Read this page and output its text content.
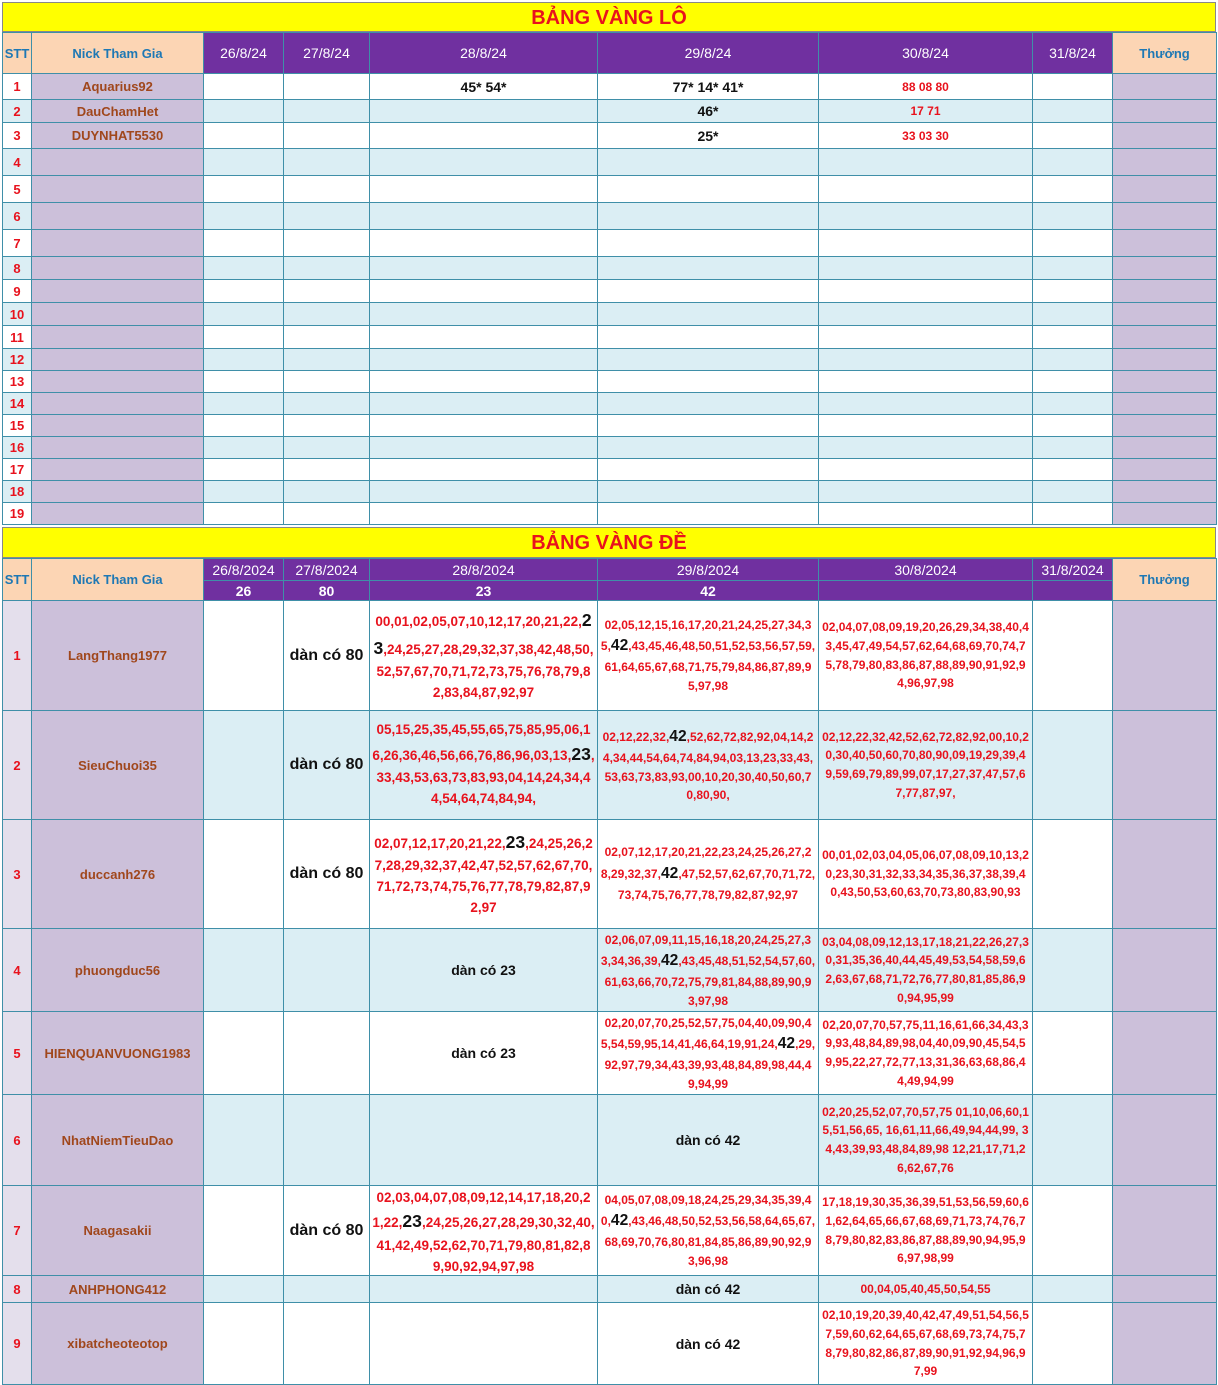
BẢNG VÀNG LÔ
STT	Nick Tham Gia	26/8/24	27/8/24	28/8/24	29/8/24	30/8/24	31/8/24	Thưởng
1	Aquarius92			45* 54*	77* 14* 41*	88 08 80		
2	DauChamHet				46*	17 71		
3	DUYNHAT5530				25*	33 03 30		
4								
5								
6								
7								
8								
9								
10								
11								
12								
13								
14								
15								
16								
17								
18								
19								
BẢNG VÀNG ĐỀ
STT	Nick Tham Gia	26/8/2024	27/8/2024	28/8/2024	29/8/2024	30/8/2024	31/8/2024	Thưởng
		26	80	23	42			
1	LangThang1977		dàn có 80	00,01,02,05,07,10,12,17,20,21,22,23,24,25,27,28,29,32,37,38,42,48,50,52,57,67,70,71,72,73,75,76,78,79,82,83,84,87,92,97	02,05,12,15,16,17,20,21,24,25,27,34,35,42,43,45,46,48,50,51,52,53,56,57,59,61,64,65,67,68,71,75,79,84,86,87,89,95,97,98	02,04,07,08,09,19,20,26,29,34,38,40,43,45,47,49,54,57,62,64,68,69,70,74,75,78,79,80,83,86,87,88,89,90,91,92,94,96,97,98		

2	SieuChuoi35		dàn có 80	05,15,25,35,45,55,65,75,85,95,06,16,26,36,46,56,66,76,86,96,03,13,23,33,43,53,63,73,83,93,04,14,24,34,44,54,64,74,84,94,	02,12,22,32,42,52,62,72,82,92,04,14,24,34,44,54,64,74,84,94,03,13,23,33,43,53,63,73,83,93,00,10,20,30,40,50,60,70,80,90,	02,12,22,32,42,52,62,72,82,92,00,10,20,30,40,50,60,70,80,90,09,19,29,39,49,59,69,79,89,99,07,17,27,37,47,57,67,77,87,97,		

3	duccanh276		dàn có 80	02,07,12,17,20,21,22,23,24,25,26,27,28,29,32,37,42,47,52,57,62,67,70,71,72,73,74,75,76,77,78,79,82,87,92,97	02,07,12,17,20,21,22,23,24,25,26,27,28,29,32,37,42,47,52,57,62,67,70,71,72,73,74,75,76,77,78,79,82,87,92,97	00,01,02,03,04,05,06,07,08,09,10,13,20,23,30,31,32,33,34,35,36,37,38,39,40,43,50,53,60,63,70,73,80,83,90,93		

4	phuongduc56			dàn có 23	02,06,07,09,11,15,16,18,20,24,25,27,33,34,36,39,42,43,45,48,51,52,54,57,60,61,63,66,70,72,75,79,81,84,88,89,90,93,97,98	03,04,08,09,12,13,17,18,21,22,26,27,30,31,35,36,40,44,45,49,53,54,58,59,62,63,67,68,71,72,76,77,80,81,85,86,90,94,95,99		

5	HIENQUANVUONG1983			dàn có 23	02,20,07,70,25,52,57,75,04,40,09,90,45,54,59,95,14,41,46,64,19,91,24,42,29,92,97,79,34,43,39,93,48,84,89,98,44,49,94,99	02,20,07,70,57,75,11,16,61,66,34,43,39,93,48,84,89,98,04,40,09,90,45,54,59,95,22,27,72,77,13,31,36,63,68,86,44,49,94,99		

6	NhatNiemTieuDao				dàn có 42	02,20,25,52,07,70,57,75 01,10,06,60,15,51,56,65, 16,61,11,66,49,94,44,99, 34,43,39,93,48,84,89,98 12,21,17,71,26,62,67,76		

7	Naagasakii		dàn có 80	02,03,04,07,08,09,12,14,17,18,20,21,22,23,24,25,26,27,28,29,30,32,40,41,42,49,52,62,70,71,79,80,81,82,89,90,92,94,97,98	04,05,07,08,09,18,24,25,29,34,35,39,40,42,43,46,48,50,52,53,56,58,64,65,67,68,69,70,76,80,81,84,85,86,89,90,92,93,96,98	17,18,19,30,35,36,39,51,53,56,59,60,61,62,64,65,66,67,68,69,71,73,74,76,78,79,80,82,83,86,87,88,89,90,94,95,96,97,98,99		

8	ANHPHONG412				dàn có 42	00,04,05,40,45,50,54,55		

9	xibatcheoteotop				dàn có 42	02,10,19,20,39,40,42,47,49,51,54,56,57,59,60,62,64,65,67,68,69,73,74,75,78,79,80,82,86,87,89,90,91,92,94,96,97,99		
